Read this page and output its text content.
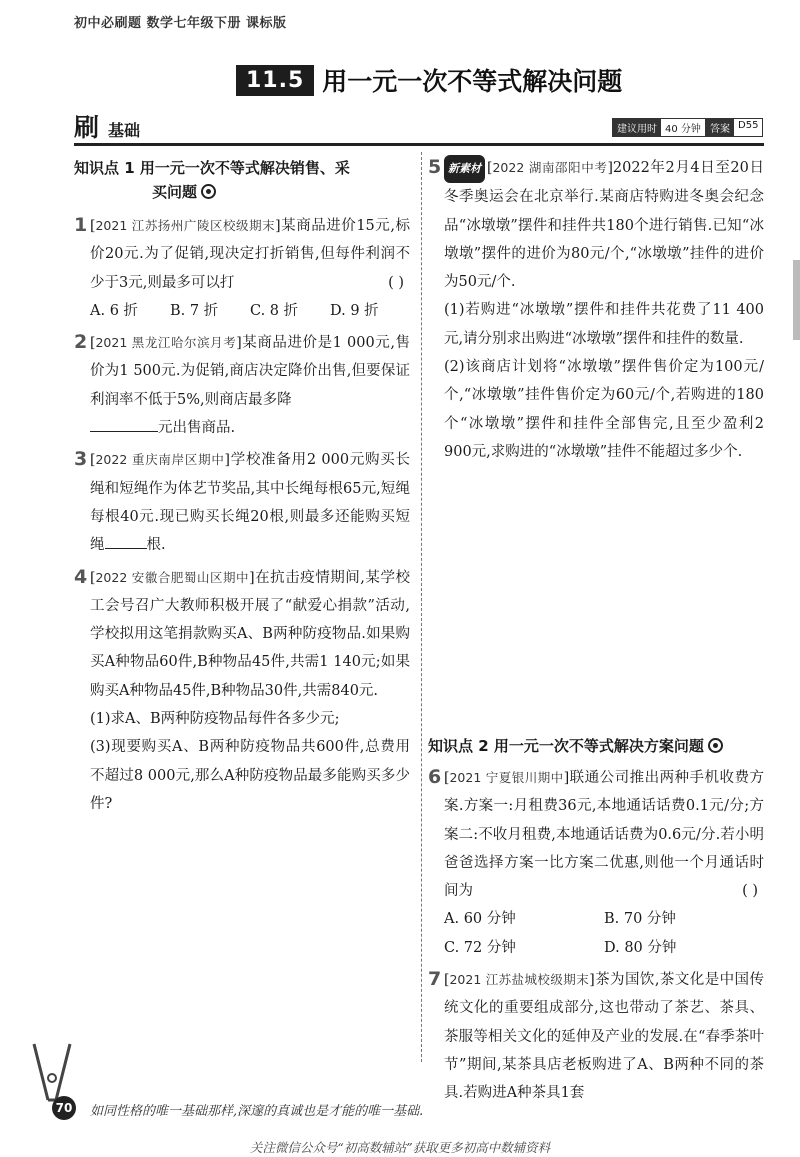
初中必刷题 数学七年级下册 课标版
11.5 用一元一次不等式解决问题
刷 基础	建议用时 40 分钟 答案 D55
知识点 1 用一元一次不等式解决销售、采
买问题
1 [2021 江苏扬州广陵区校级期末]某商品进价15元,标价20元.为了促销,现决定打折销售,但每件利润不少于3元,则最多可以打	( )
A. 6 折	B. 7 折	C. 8 折	D. 9 折
2 [2021 黑龙江哈尔滨月考]某商品进价是1 000元,售价为1 500元.为促销,商店决定降价出售,但要保证利润率不低于5%,则商店最多降
元出售商品.
3 [2022 重庆南岸区期中]学校准备用2 000元购买长绳和短绳作为体艺节奖品,其中长绳每根65元,短绳每根40元.现已购买长绳20根,则最多还能购买短绳	根.
4 [2022 安徽合肥蜀山区期中]在抗击疫情期间,某学校工会号召广大教师积极开展了“献爱心捐款”活动,学校拟用这笔捐款购买A、B两种防疫物品.如果购买A种物品60件,B种物品45件,共需1 140元;如果购买A种物品45件,B种物品30件,共需840元.
(1)求A、B两种防疫物品每件各多少元;
(3)现要购买A、B两种防疫物品共600件,总费用不超过8 000元,那么A种防疫物品最多能购买多少件?
5 新素材 [2022 湖南邵阳中考]2022年2月4日至20日冬季奥运会在北京举行.某商店特购进冬奥会纪念品“冰墩墩”摆件和挂件共180个进行销售.已知“冰墩墩”摆件的进价为80元/个,“冰墩墩”挂件的进价为50元/个.
(1)若购进“冰墩墩”摆件和挂件共花费了11 400元,请分别求出购进“冰墩墩”摆件和挂件的数量.
(2)该商店计划将“冰墩墩”摆件售价定为100元/个,“冰墩墩”挂件售价定为60元/个,若购进的180个“冰墩墩”摆件和挂件全部售完,且至少盈利2 900元,求购进的“冰墩墩”挂件不能超过多少个.
知识点 2 用一元一次不等式解决方案问题
6 [2021 宁夏银川期中]联通公司推出两种手机收费方案.方案一:月租费36元,本地通话话费0.1元/分;方案二:不收月租费,本地通话话费为0.6元/分.若小明爸爸选择方案一比方案二优惠,则他一个月通话时间为	( )
A. 60 分钟	B. 70 分钟
C. 72 分钟	D. 80 分钟
7 [2021 江苏盐城校级期末]茶为国饮,茶文化是中国传统文化的重要组成部分,这也带动了茶艺、茶具、茶服等相关文化的延伸及产业的发展.在“春季茶叶节”期间,某茶具店老板购进了A、B两种不同的茶具.若购进A种茶具1套
70 如同性格的唯一基础那样,深邃的真诚也是才能的唯一基础.
关注微信公众号“初高数辅站”获取更多初高中数辅资料
